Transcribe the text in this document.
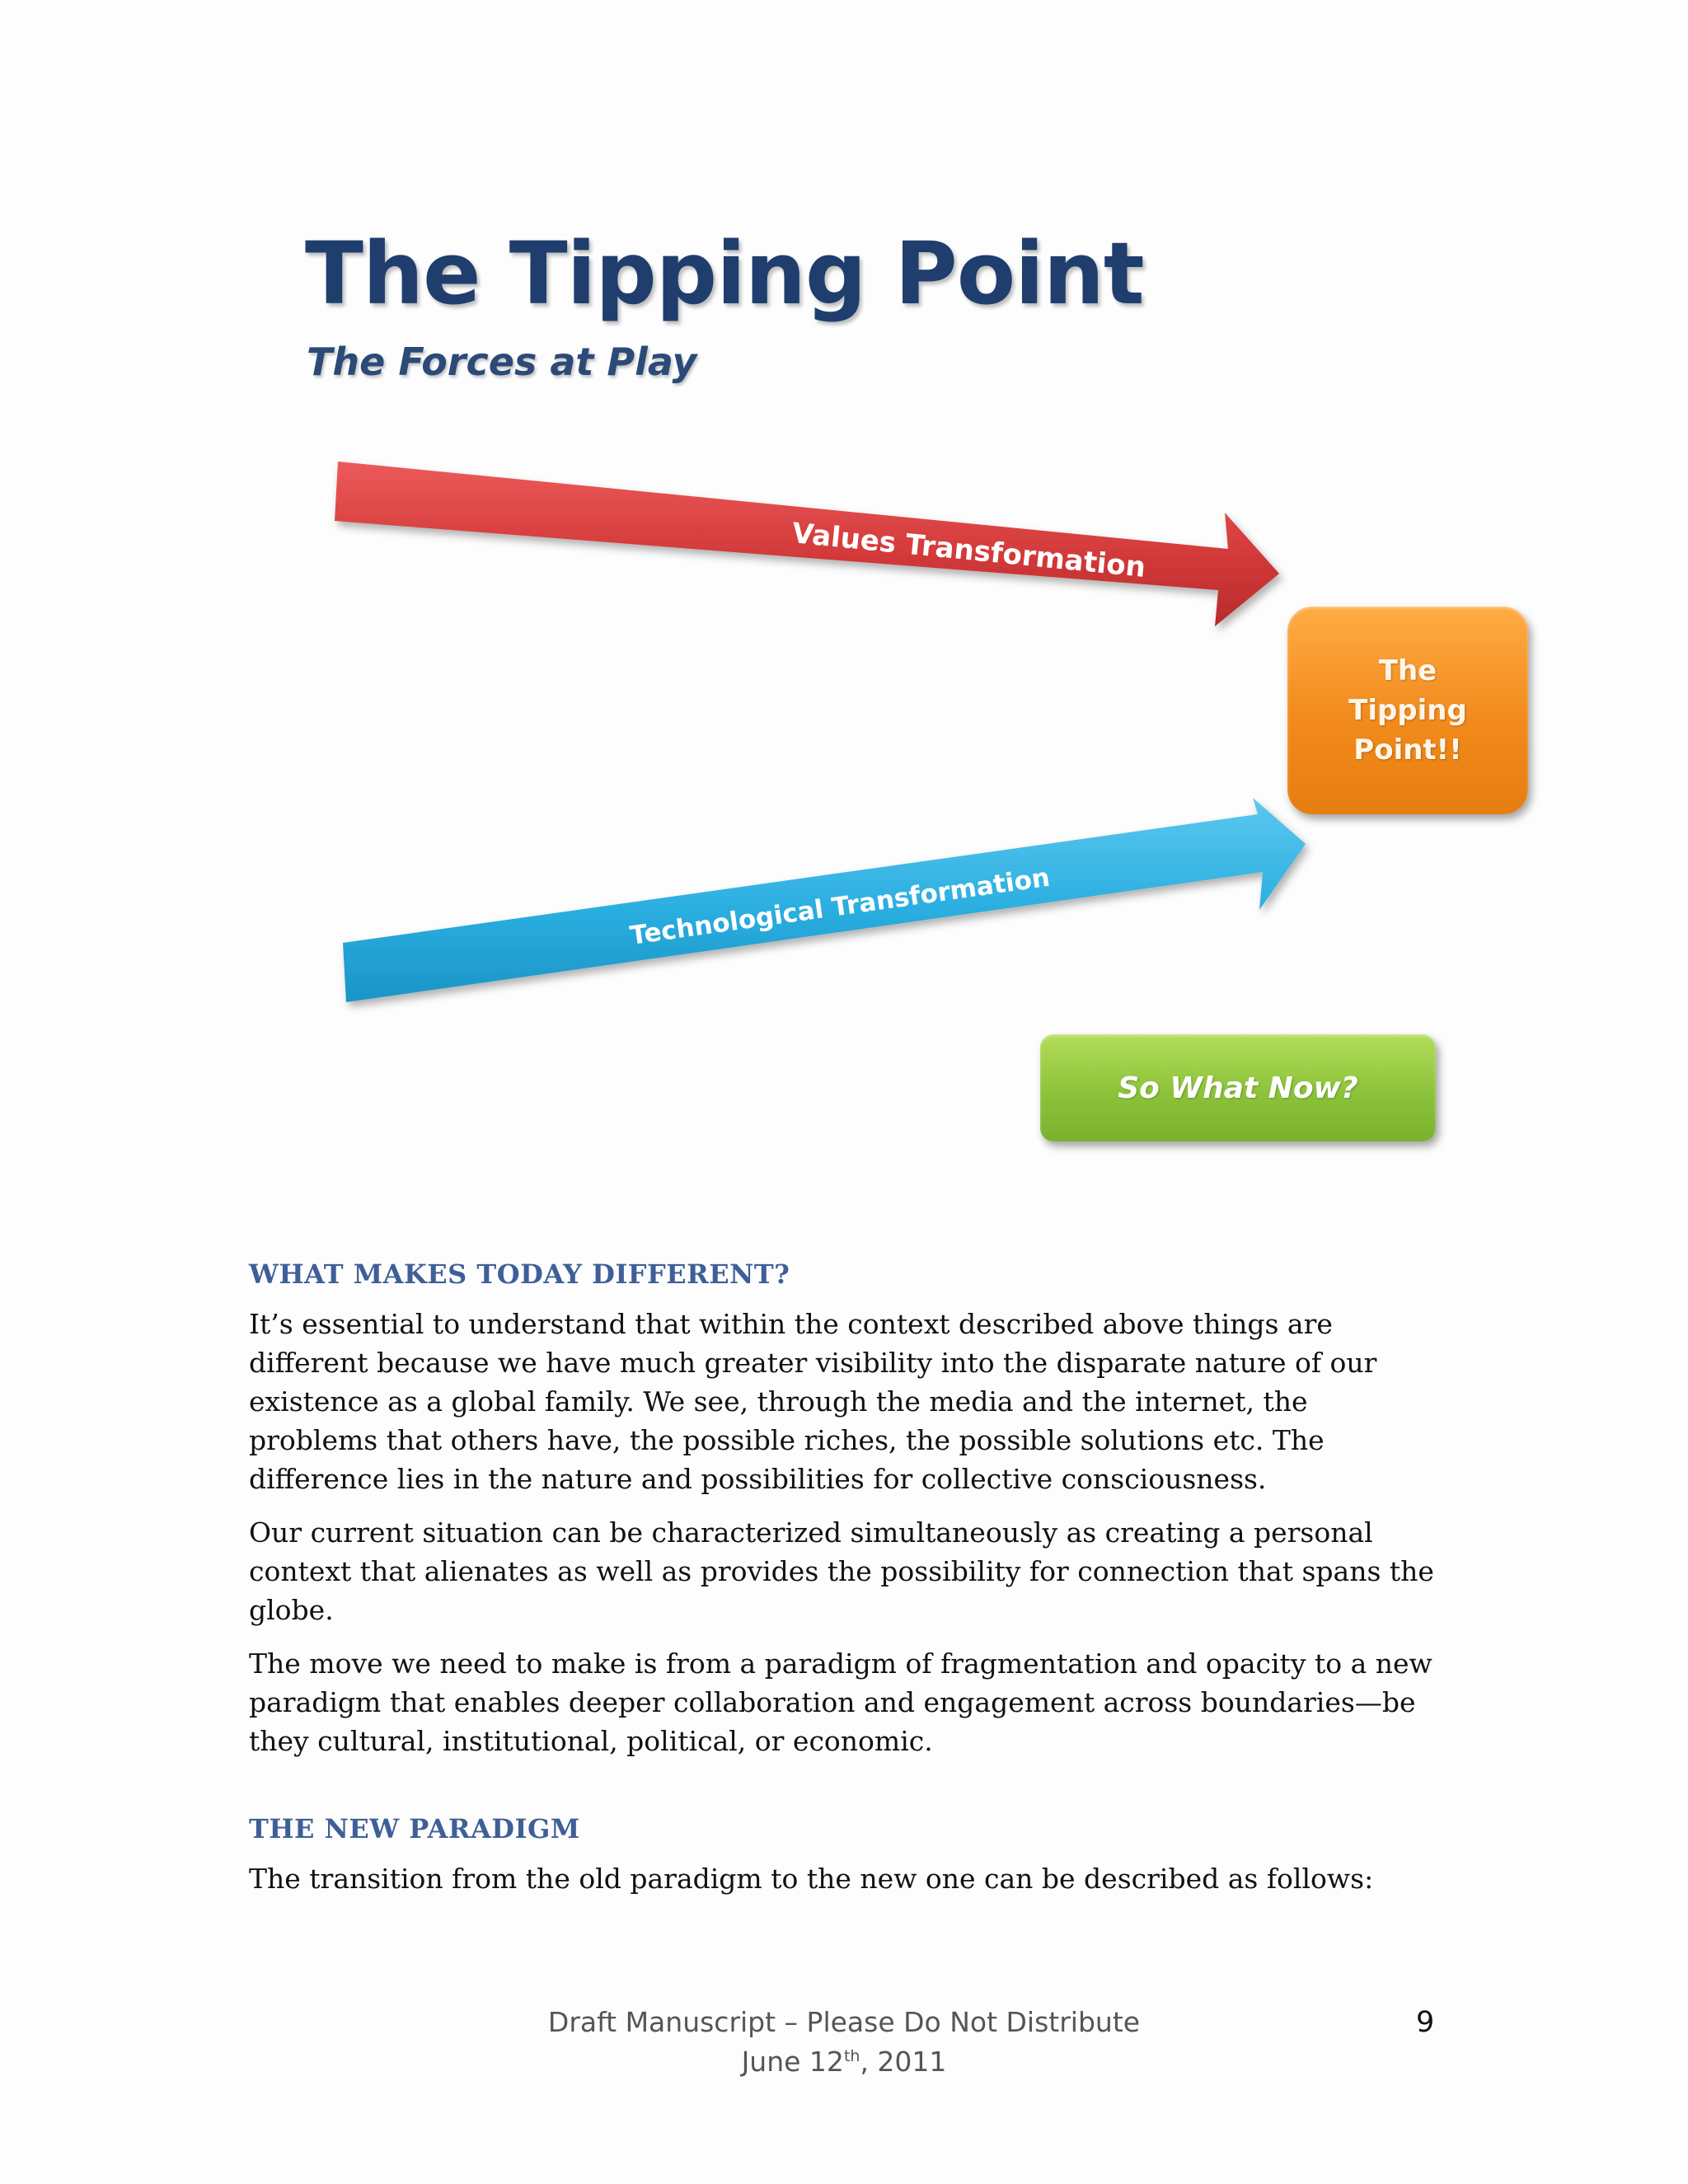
The Tipping Point
The Forces at Play
Values Transformation
Technological Transformation
The Tipping Point!!
So What Now?
WHAT MAKES TODAY DIFFERENT?

It’s essential to understand that within the context described above things are different because we have much greater visibility into the disparate nature of our existence as a global family. We see, through the media and the internet, the problems that others have, the possible riches, the possible solutions etc. The difference lies in the nature and possibilities for collective consciousness.

Our current situation can be characterized simultaneously as creating a personal context that alienates as well as provides the possibility for connection that spans the globe.

The move we need to make is from a paradigm of fragmentation and opacity to a new paradigm that enables deeper collaboration and engagement across boundaries—be they cultural, institutional, political, or economic.

THE NEW PARADIGM

The transition from the old paradigm to the new one can be described as follows:

Draft Manuscript – Please Do Not Distribute
June 12th, 2011
9
